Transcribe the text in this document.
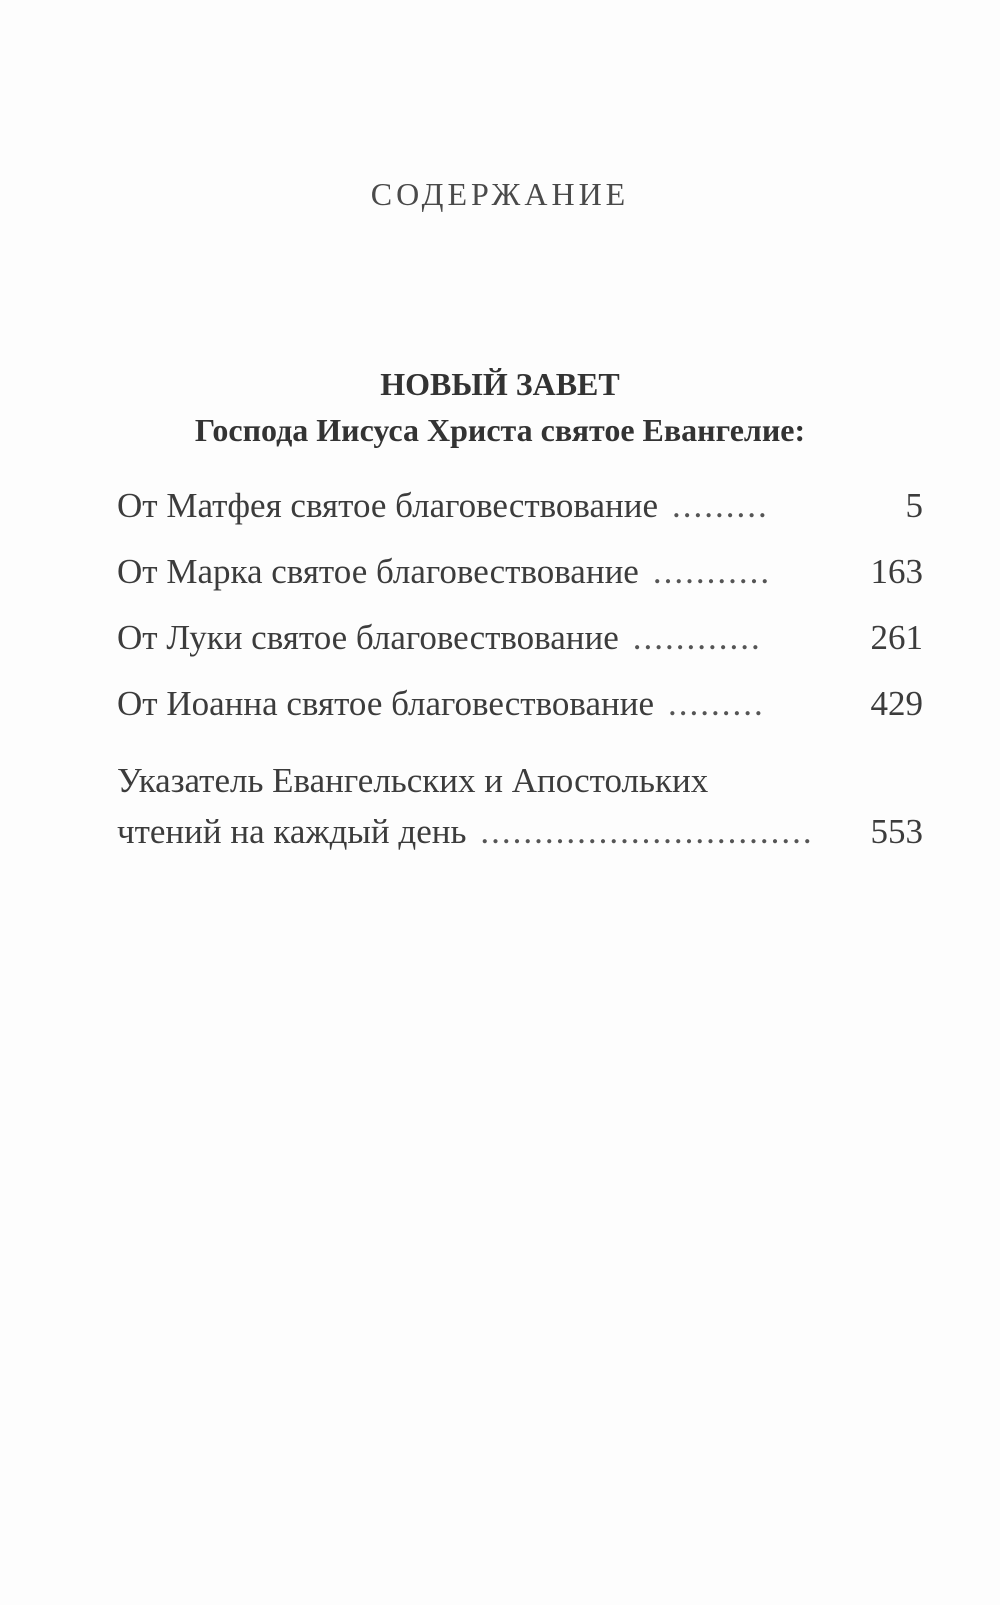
СОДЕРЖАНИЕ
НОВЫЙ ЗАВЕТ
Господа Иисуса Христа святое Евангелие:
От Матфея святое благовествование .........	5
От Марка святое благовествование ...........	163
От Луки святое благовествование ............	261
От Иоанна святое благовествование .........	429
Указатель Евангельских и Апостольких
чтений на каждый день ...............................	553
